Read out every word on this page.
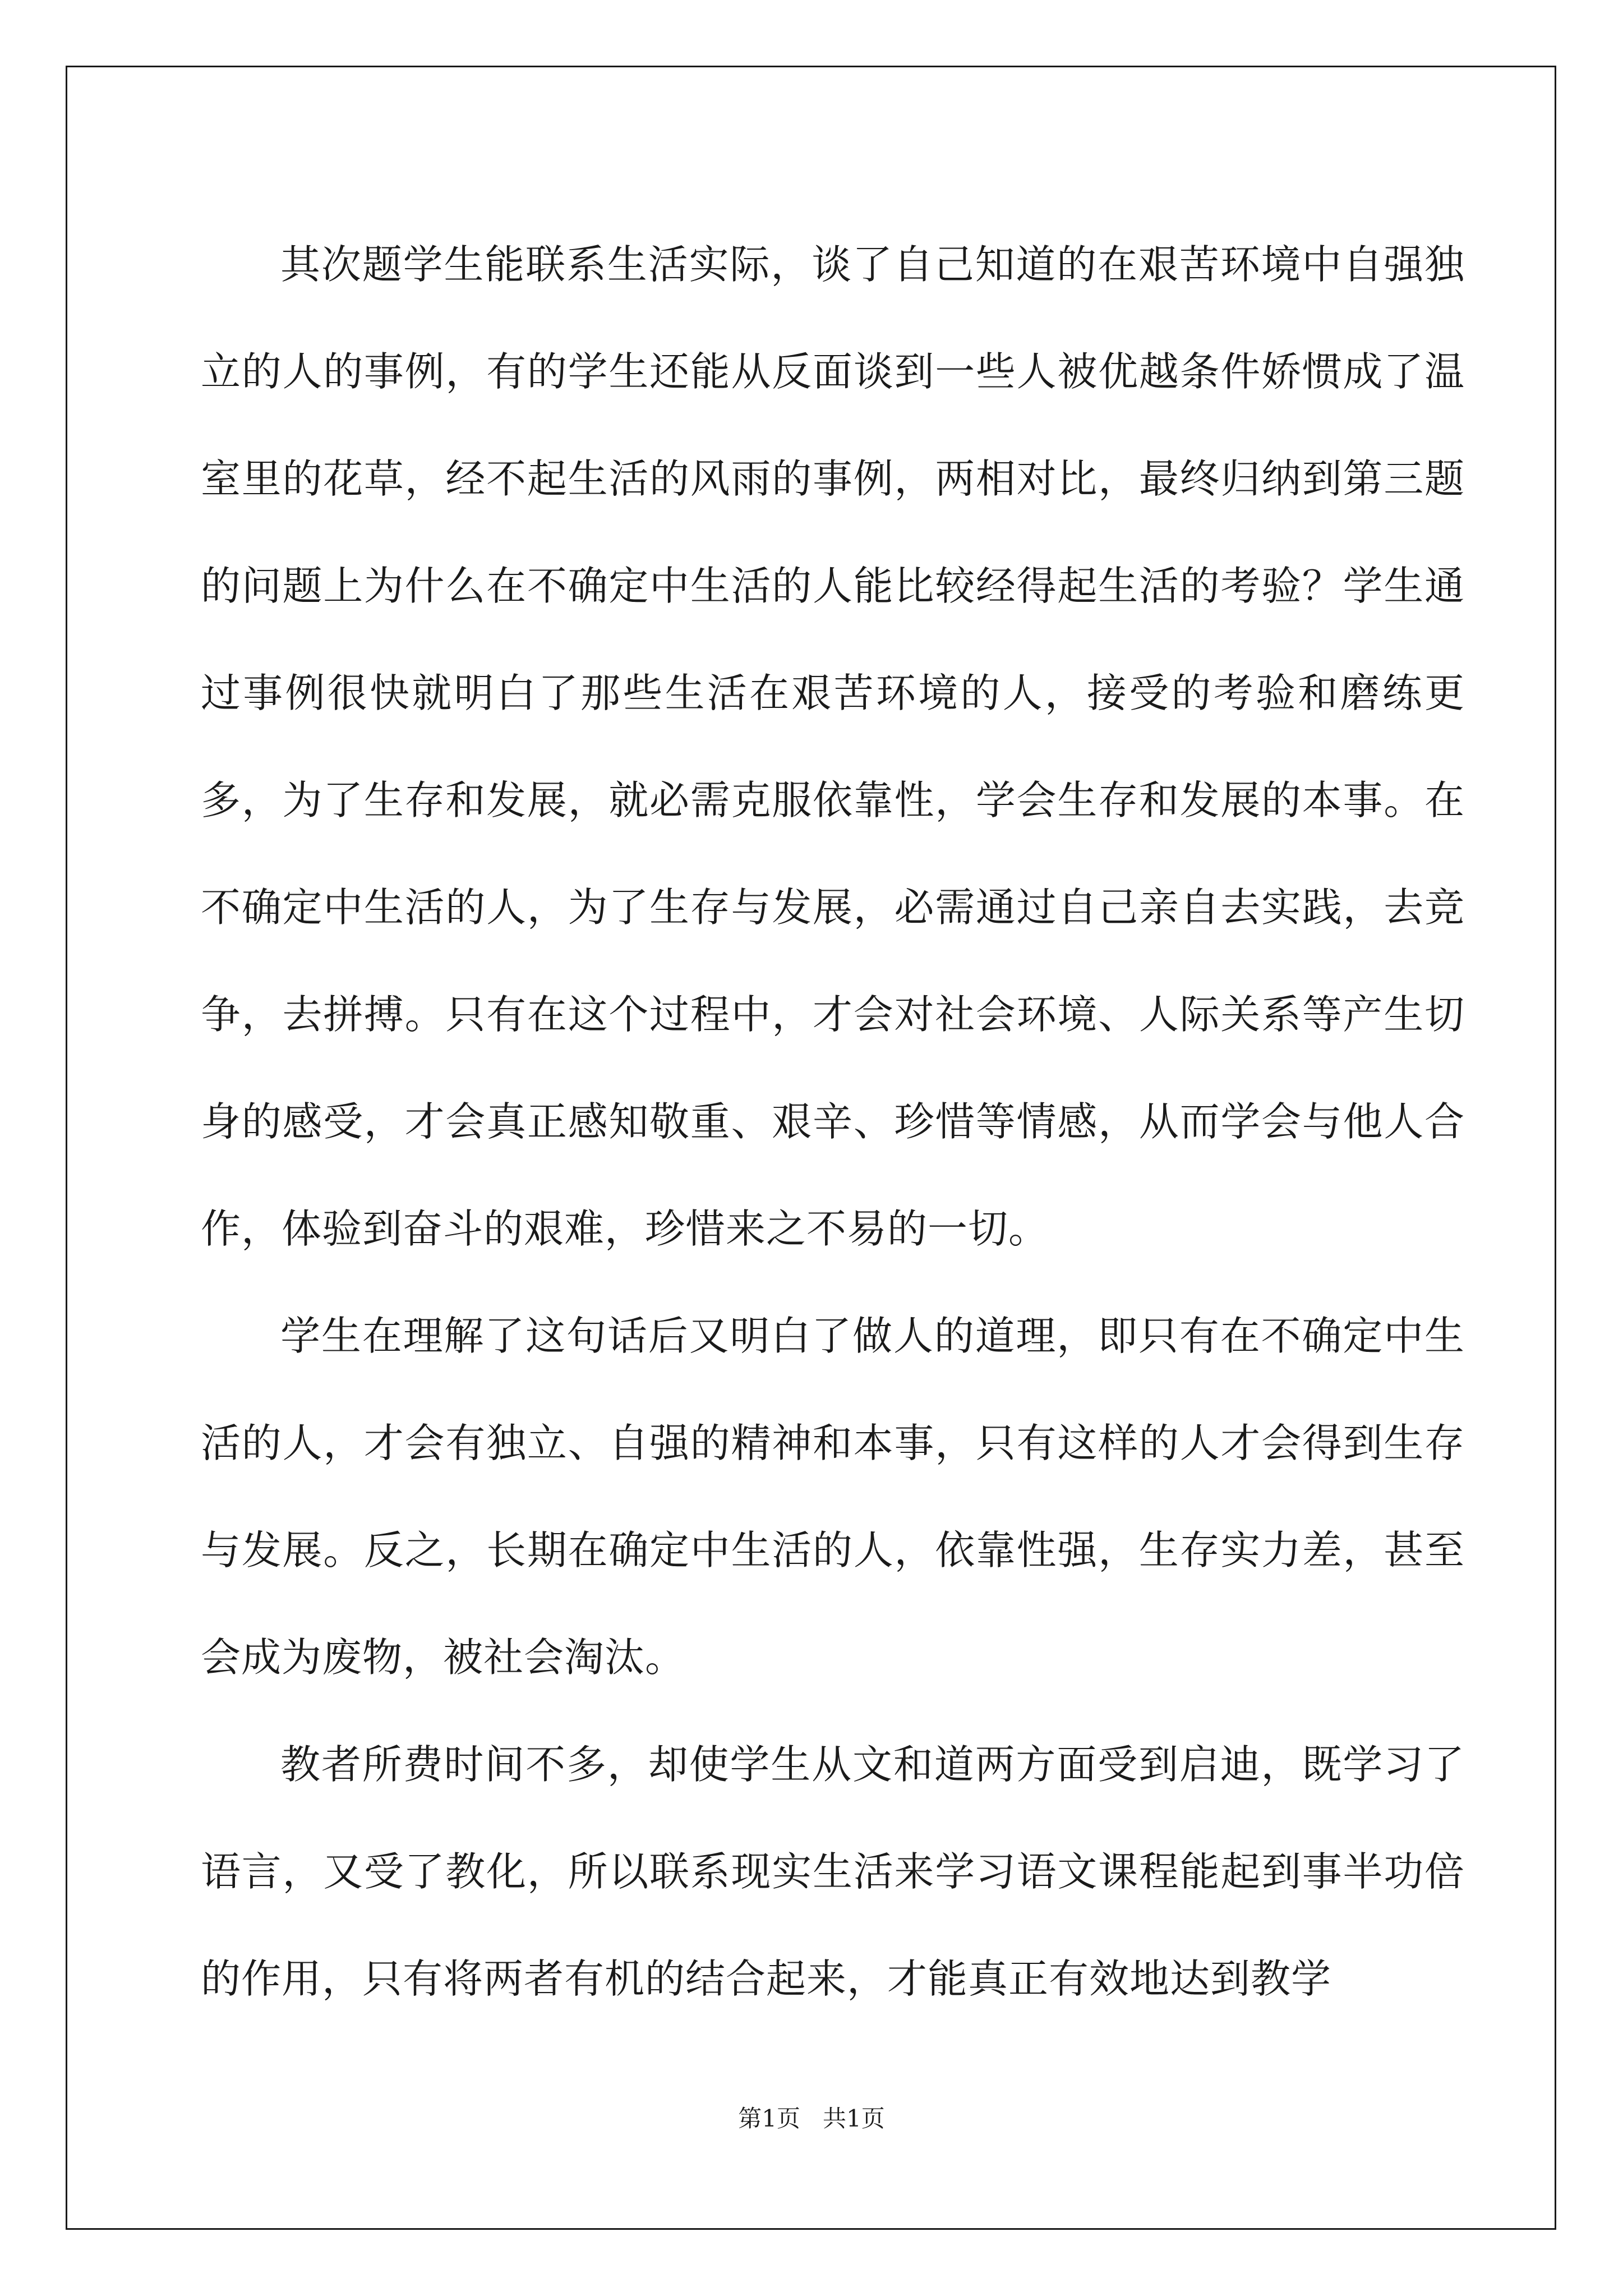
其次题学生能联系生活实际，谈了自己知道的在艰苦环境中自强独立的人的事例，有的学生还能从反面谈到一些人被优越条件娇惯成了温室里的花草，经不起生活的风雨的事例，两相对比，最终归纳到第三题的问题上为什么在不确定中生活的人能比较经得起生活的考验？学生通过事例很快就明白了那些生活在艰苦环境的人，接受的考验和磨练更多，为了生存和发展，就必需克服依靠性，学会生存和发展的本事。在不确定中生活的人，为了生存与发展，必需通过自己亲自去实践，去竞争，去拼搏。只有在这个过程中，才会对社会环境、人际关系等产生切身的感受，才会真正感知敬重、艰辛、珍惜等情感，从而学会与他人合作，体验到奋斗的艰难，珍惜来之不易的一切。

学生在理解了这句话后又明白了做人的道理，即只有在不确定中生活的人，才会有独立、自强的精神和本事，只有这样的人才会得到生存与发展。反之，长期在确定中生活的人，依靠性强，生存实力差，甚至会成为废物，被社会淘汰。

教者所费时间不多，却使学生从文和道两方面受到启迪，既学习了语言，又受了教化，所以联系现实生活来学习语文课程能起到事半功倍的作用，只有将两者有机的结合起来，才能真正有效地达到教学

第1页   共1页
